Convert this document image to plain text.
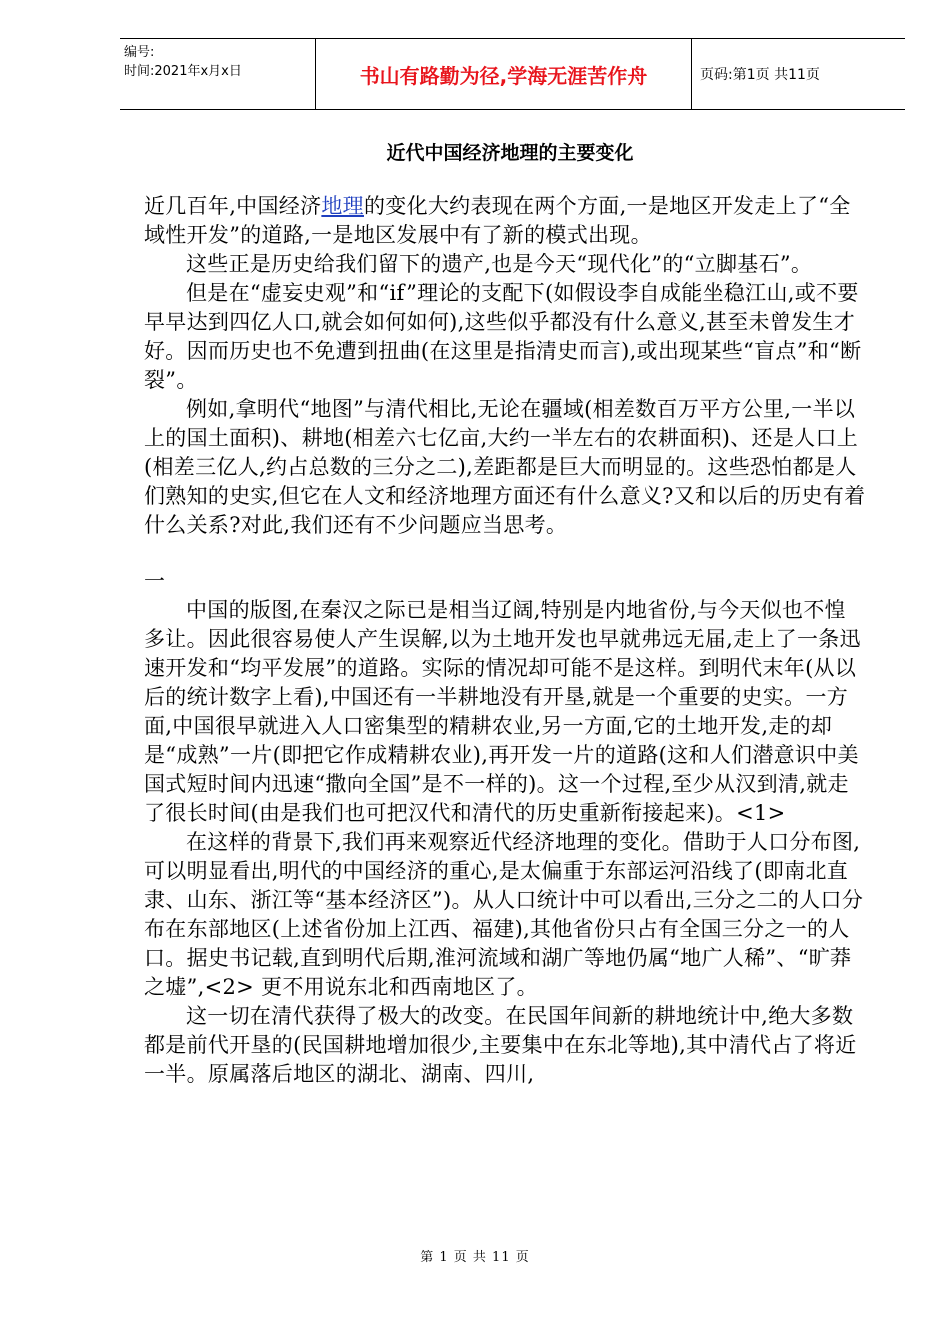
编号:
时间:2021年x月x日	书山有路勤为径,学海无涯苦作舟	页码:第1页 共11页
近代中国经济地理的主要变化

近几百年,中国经济地理的变化大约表现在两个方面,一是地区开发走上了“全域性开发”的道路,一是地区发展中有了新的模式出现。

这些正是历史给我们留下的遗产,也是今天“现代化”的“立脚基石”。

但是在“虚妄史观”和“if”理论的支配下(如假设李自成能坐稳江山,或不要早早达到四亿人口,就会如何如何),这些似乎都没有什么意义,甚至未曾发生才好。因而历史也不免遭到扭曲(在这里是指清史而言),或出现某些“盲点”和“断裂”。

例如,拿明代“地图”与清代相比,无论在疆域(相差数百万平方公里,一半以上的国土面积)、耕地(相差六七亿亩,大约一半左右的农耕面积)、还是人口上(相差三亿人,约占总数的三分之二),差距都是巨大而明显的。这些恐怕都是人们熟知的史实,但它在人文和经济地理方面还有什么意义?又和以后的历史有着什么关系?对此,我们还有不少问题应当思考。

一

中国的版图,在秦汉之际已是相当辽阔,特别是内地省份,与今天似也不惶多让。因此很容易使人产生误解,以为土地开发也早就弗远无届,走上了一条迅速开发和“均平发展”的道路。实际的情况却可能不是这样。到明代末年(从以后的统计数字上看),中国还有一半耕地没有开垦,就是一个重要的史实。一方面,中国很早就进入人口密集型的精耕农业,另一方面,它的土地开发,走的却是“成熟”一片(即把它作成精耕农业),再开发一片的道路(这和人们潜意识中美国式短时间内迅速“撒向全国”是不一样的)。这一个过程,至少从汉到清,就走了很长时间(由是我们也可把汉代和清代的历史重新衔接起来)。<1>

在这样的背景下,我们再来观察近代经济地理的变化。借助于人口分布图,可以明显看出,明代的中国经济的重心,是太偏重于东部运河沿线了(即南北直隶、山东、浙江等“基本经济区”)。从人口统计中可以看出,三分之二的人口分布在东部地区(上述省份加上江西、福建),其他省份只占有全国三分之一的人口。据史书记载,直到明代后期,淮河流域和湖广等地仍属“地广人稀”、“旷莽之墟”,<2> 更不用说东北和西南地区了。

这一切在清代获得了极大的改变。在民国年间新的耕地统计中,绝大多数都是前代开垦的(民国耕地增加很少,主要集中在东北等地),其中清代占了将近一半。原属落后地区的湖北、湖南、四川,

第 1 页 共 11 页
